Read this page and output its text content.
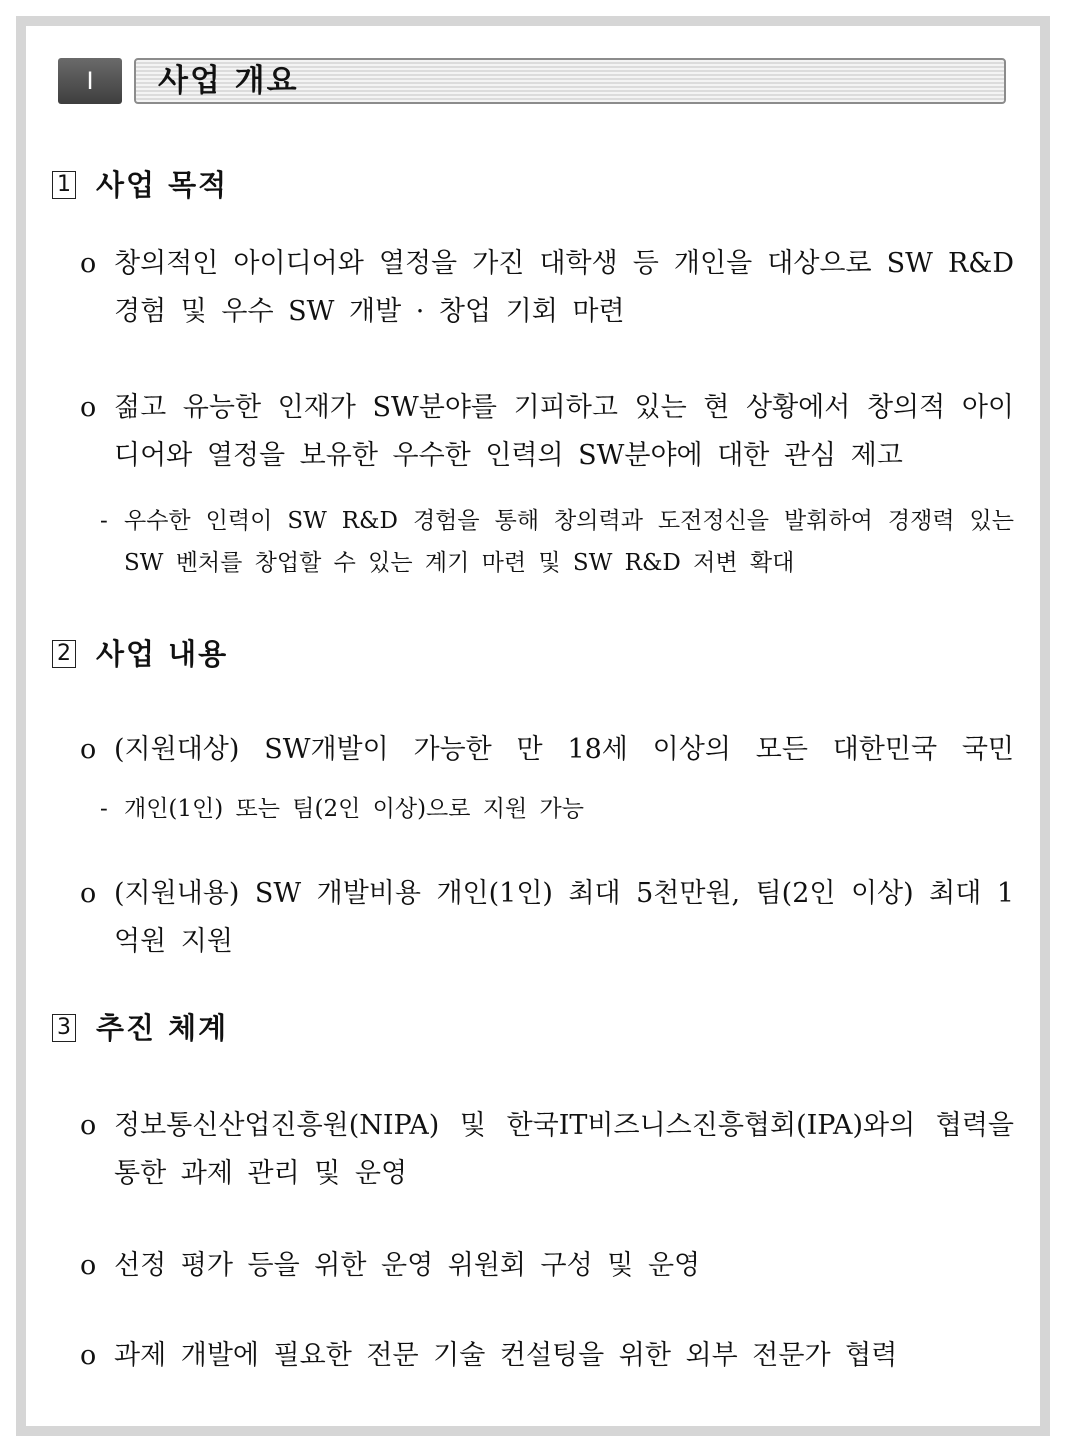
Ⅰ	사업 개요
1 사업 목적
o 창의적인 아이디어와 열정을 가진 대학생 등 개인을 대상으로 SW R&D 경험 및 우수 SW 개발 · 창업 기회 마련
o 젊고 유능한 인재가 SW분야를 기피하고 있는 현 상황에서 창의적 아이디어와 열정을 보유한 우수한 인력의 SW분야에 대한 관심 제고
- 우수한 인력이 SW R&D 경험을 통해 창의력과 도전정신을 발휘하여 경쟁력 있는 SW 벤처를 창업할 수 있는 계기 마련 및 SW R&D 저변 확대
2 사업 내용
o (지원대상) SW개발이 가능한 만 18세 이상의 모든 대한민국 국민
- 개인(1인) 또는 팀(2인 이상)으로 지원 가능
o (지원내용) SW 개발비용 개인(1인) 최대 5천만원, 팀(2인 이상) 최대 1억원 지원
3 추진 체계
o 정보통신산업진흥원(NIPA) 및 한국IT비즈니스진흥협회(IPA)와의 협력을 통한 과제 관리 및 운영
o 선정 평가 등을 위한 운영 위원회 구성 및 운영
o 과제 개발에 필요한 전문 기술 컨설팅을 위한 외부 전문가 협력
